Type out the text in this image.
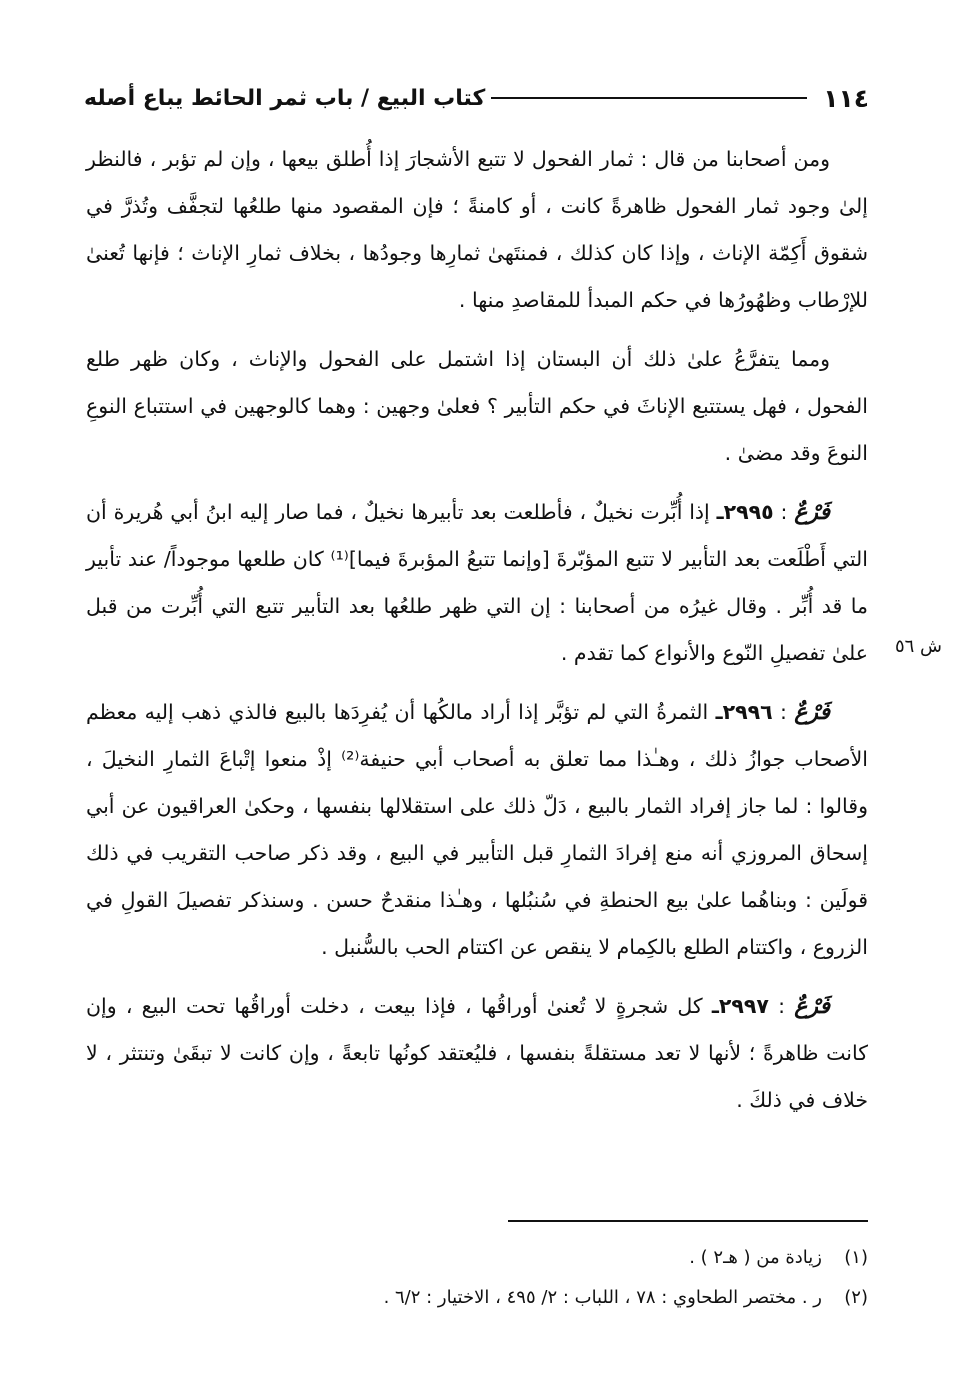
١١٤
كتاب البيع / باب ثمر الحائط يباع أصله

ومن أصحابنا من قال : ثمار الفحول لا تتبع الأشجارَ إذا أُطلق بيعها ، وإن لم تؤبر ، فالنظر إلىٰ وجود ثمار الفحول ظاهرةً كانت ، أو كامنةً ؛ فإن المقصود منها طلعُها لتجفَّف وتُذرَّ في شقوق أَكِمّة الإناث ، وإذا كان كذلك ، فمنتَهىٰ ثمارِها وجودُها ، بخلاف ثمارِ الإناث ؛ فإنها تُعنىٰ للإرْطاب وظهُورُها في حكم المبدأ للمقاصدِ منها .

ومما يتفرَّعُ علىٰ ذلك أن البستان إذا اشتمل على الفحول والإناث ، وكان ظهر طلع الفحول ، فهل يستتبع الإناثَ في حكم التأبير ؟ فعلىٰ وجهين : وهما كالوجهين في استتباع النوعِ النوعَ وقد مضىٰ .

فَرْعٌ : ٢٩٩٥ـ إذا أُبِّرت نخيلٌ ، فأطلعت بعد تأبيرها نخيلٌ ، فما صار إليه ابنُ أبي هُريرة أن التي أَطْلَعت بعد التأبير لا تتبع المؤبّرةَ [وإنما تتبعُ المؤبرةَ فيما]⁽¹⁾ كان طلعها موجوداً/ عند تأبير ما قد أُبِّر . وقال غيرُه من أصحابنا : إن التي ظهر طلعُها بعد التأبير تتبع التي أُبِّرت من قبل علىٰ تفصيلِ النّوع والأنواع كما تقدم .

فَرْعٌ : ٢٩٩٦ـ الثمرةُ التي لم تؤبَّر إذا أراد مالكُها أن يُفرِدَها بالبيع فالذي ذهب إليه معظم الأصحاب جوازُ ذلك ، وهـٰذا مما تعلق به أصحاب أبي حنيفة⁽²⁾ إذْ منعوا إتْباعَ الثمارِ النخيلَ ، وقالوا : لما جاز إفراد الثمار بالبيع ، دَلّ ذلك على استقلالها بنفسها ، وحكىٰ العراقيون عن أبي إسحاق المروزي أنه منع إفرادَ الثمارِ قبل التأبير في البيع ، وقد ذكر صاحب التقريب في ذلك قولَين : وبناهُما علىٰ بيع الحنطةِ في سُنبُلها ، وهـٰذا منقدحٌ حسن . وسنذكر تفصيلَ القولِ في الزروع ، واكتتام الطلع بالكِمام لا ينقص عن اكتتام الحب بالسُّنبل .

فَرْعٌ : ٢٩٩٧ـ كل شجرةٍ لا تُعنىٰ أوراقُها ، فإذا بيعت ، دخلت أوراقُها تحت البيع ، وإن كانت ظاهرةً ؛ لأنها لا تعد مستقلةً بنفسها ، فليُعتقد كونُها تابعةً ، وإن كانت لا تبقَىٰ وتنتثر ، لا خلاف في ذلكَ .

ش ٥٦
(١)
زيادة من ( هـ٢ ) .
(٢)
ر . مختصر الطحاوي : ٧٨ ، اللباب : ٢/ ٤٩٥ ، الاختيار : ٦/٢ .
